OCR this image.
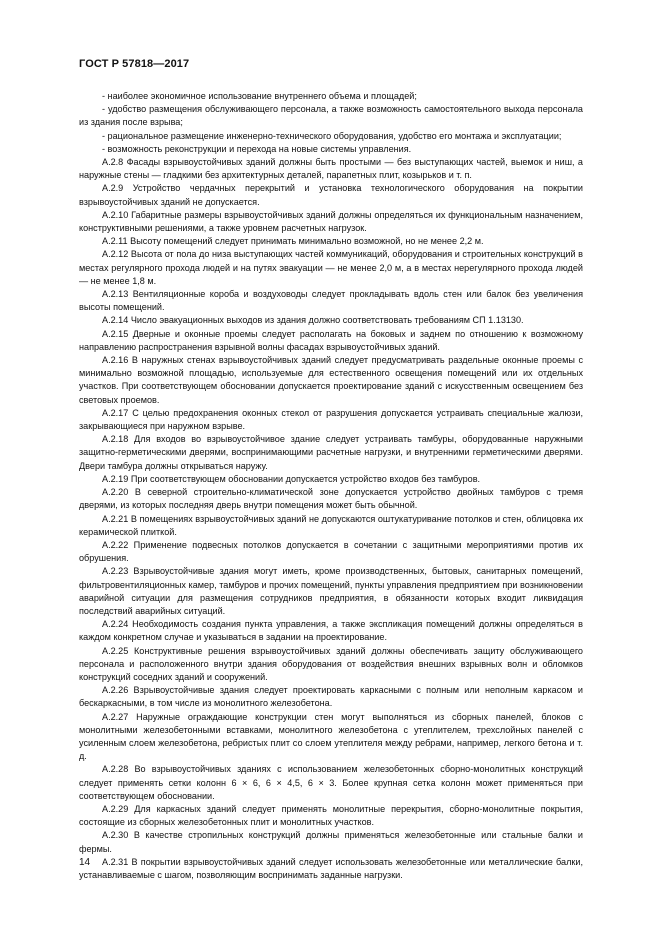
ГОСТ Р 57818—2017

- наиболее экономичное использование внутреннего объема и площадей;

- удобство размещения обслуживающего персонала, а также возможность самостоятельного выхода персонала из здания после взрыва;

- рациональное размещение инженерно-технического оборудования, удобство его монтажа и эксплуатации;

- возможность реконструкции и перехода на новые системы управления.

А.2.8 Фасады взрывоустойчивых зданий должны быть простыми — без выступающих частей, выемок и ниш, а наружные стены — гладкими без архитектурных деталей, парапетных плит, козырьков и т. п.

А.2.9 Устройство чердачных перекрытий и установка технологического оборудования на покрытии взрывоустойчивых зданий не допускается.

А.2.10 Габаритные размеры взрывоустойчивых зданий должны определяться их функциональным назначением, конструктивными решениями, а также уровнем расчетных нагрузок.

А.2.11 Высоту помещений следует принимать минимально возможной, но не менее 2,2 м.

А.2.12 Высота от пола до низа выступающих частей коммуникаций, оборудования и строительных конструкций в местах регулярного прохода людей и на путях эвакуации — не менее 2,0 м, а в местах нерегулярного прохода людей — не менее 1,8 м.

А.2.13 Вентиляционные короба и воздуховоды следует прокладывать вдоль стен или балок без увеличения высоты помещений.

А.2.14 Число эвакуационных выходов из здания должно соответствовать требованиям СП 1.13130.

А.2.15 Дверные и оконные проемы следует располагать на боковых и заднем по отношению к возможному направлению распространения взрывной волны фасадах взрывоустойчивых зданий.

А.2.16 В наружных стенах взрывоустойчивых зданий следует предусматривать раздельные оконные проемы с минимально возможной площадью, используемые для естественного освещения помещений или их отдельных участков. При соответствующем обосновании допускается проектирование зданий с искусственным освещением без световых проемов.

А.2.17 С целью предохранения оконных стекол от разрушения допускается устраивать специальные жалюзи, закрывающиеся при наружном взрыве.

А.2.18 Для входов во взрывоустойчивое здание следует устраивать тамбуры, оборудованные наружными защитно-герметическими дверями, воспринимающими расчетные нагрузки, и внутренними герметическими дверями. Двери тамбура должны открываться наружу.

А.2.19 При соответствующем обосновании допускается устройство входов без тамбуров.

А.2.20 В северной строительно-климатической зоне допускается устройство двойных тамбуров с тремя дверями, из которых последняя дверь внутри помещения может быть обычной.

А.2.21 В помещениях взрывоустойчивых зданий не допускаются оштукатуривание потолков и стен, облицовка их керамической плиткой.

А.2.22 Применение подвесных потолков допускается в сочетании с защитными мероприятиями против их обрушения.

А.2.23 Взрывоустойчивые здания могут иметь, кроме производственных, бытовых, санитарных помещений, фильтровентиляционных камер, тамбуров и прочих помещений, пункты управления предприятием при возникновении аварийной ситуации для размещения сотрудников предприятия, в обязанности которых входит ликвидация последствий аварийных ситуаций.

А.2.24 Необходимость создания пункта управления, а также экспликация помещений должны определяться в каждом конкретном случае и указываться в задании на проектирование.

А.2.25 Конструктивные решения взрывоустойчивых зданий должны обеспечивать защиту обслуживающего персонала и расположенного внутри здания оборудования от воздействия внешних взрывных волн и обломков конструкций соседних зданий и сооружений.

А.2.26 Взрывоустойчивые здания следует проектировать каркасными с полным или неполным каркасом и бескаркасными, в том числе из монолитного железобетона.

А.2.27 Наружные ограждающие конструкции стен могут выполняться из сборных панелей, блоков с монолитными железобетонными вставками, монолитного железобетона с утеплителем, трехслойных панелей с усиленным слоем железобетона, ребристых плит со слоем утеплителя между ребрами, например, легкого бетона и т. д.

А.2.28 Во взрывоустойчивых зданиях с использованием железобетонных сборно-монолитных конструкций следует применять сетки колонн 6 × 6, 6 × 4,5, 6 × 3. Более крупная сетка колонн может применяться при соответствующем обосновании.

А.2.29 Для каркасных зданий следует применять монолитные перекрытия, сборно-монолитные покрытия, состоящие из сборных железобетонных плит и монолитных участков.

А.2.30 В качестве стропильных конструкций должны применяться железобетонные или стальные балки и фермы.

А.2.31 В покрытии взрывоустойчивых зданий следует использовать железобетонные или металлические балки, устанавливаемые с шагом, позволяющим воспринимать заданные нагрузки.

14
